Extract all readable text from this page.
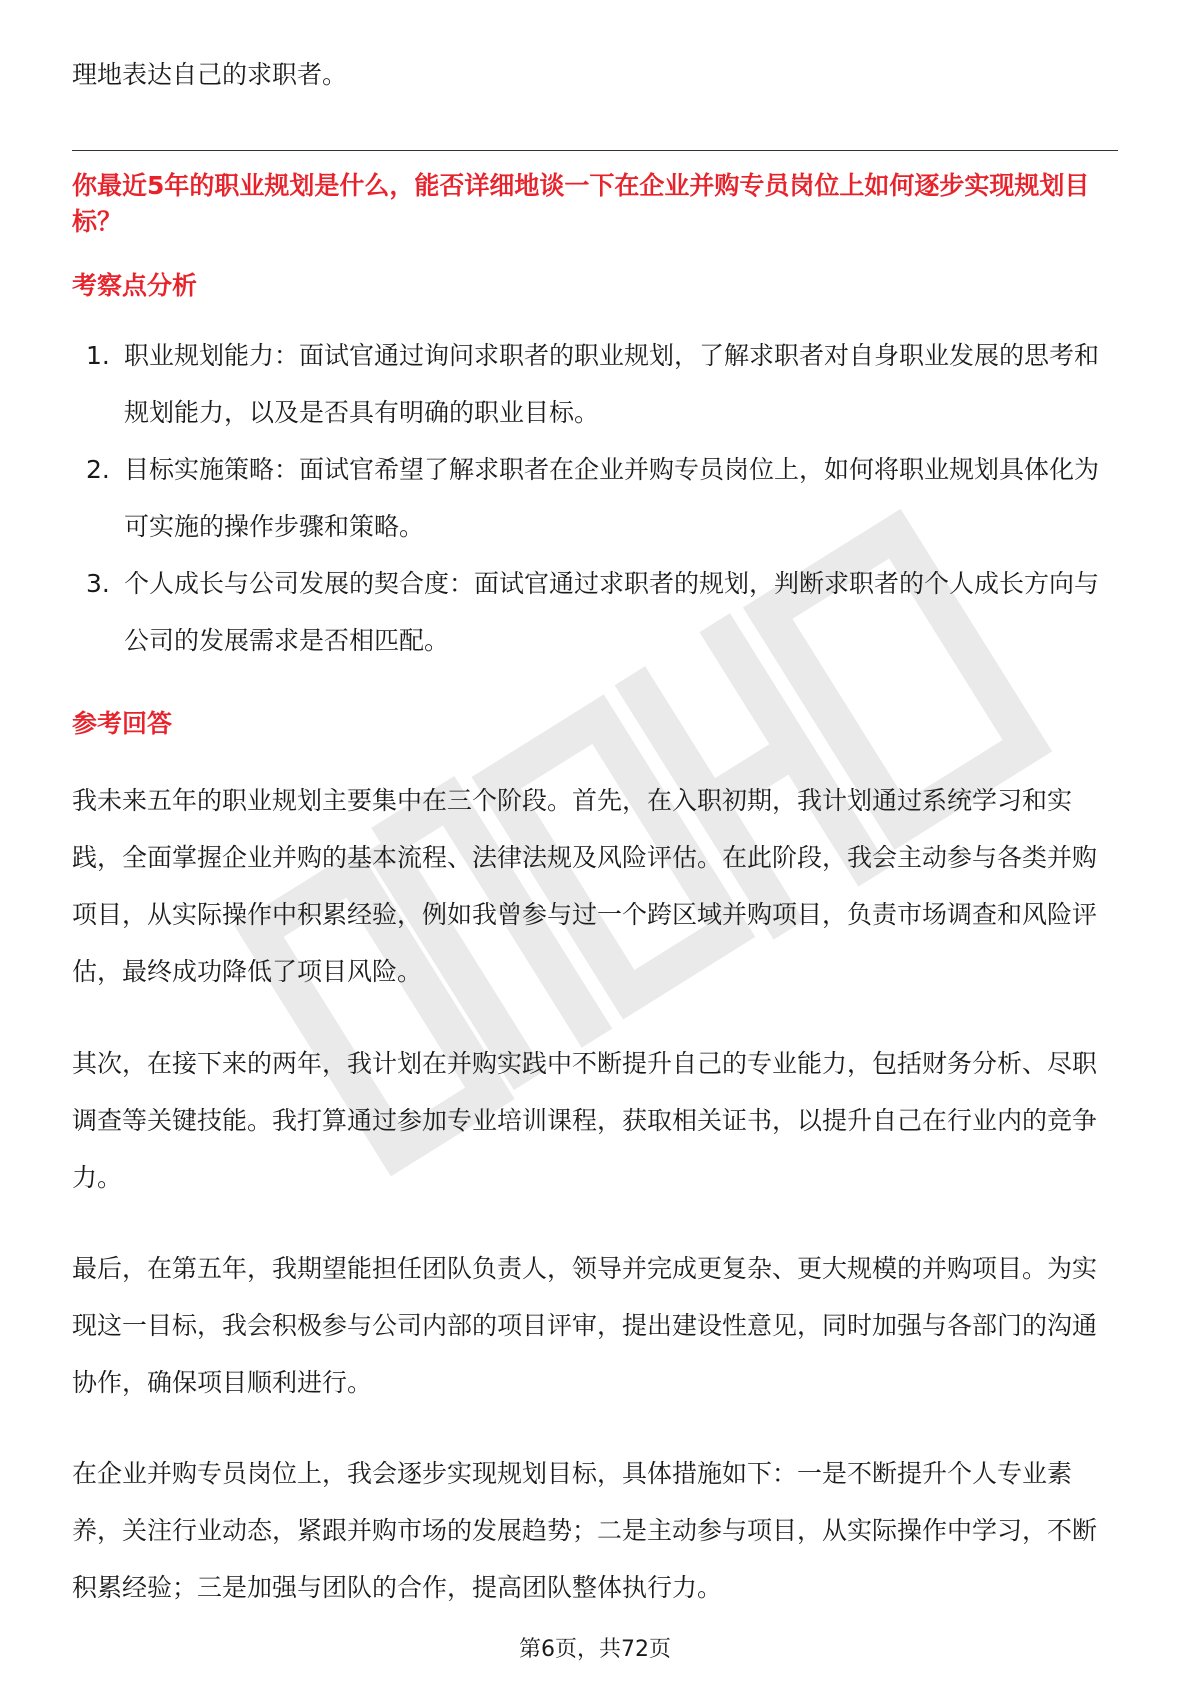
理地表达自己的求职者。

你最近5年的职业规划是什么，能否详细地谈一下在企业并购专员岗位上如何逐步实现规划目标？

考察点分析

1. 职业规划能力：面试官通过询问求职者的职业规划，了解求职者对自身职业发展的思考和规划能力，以及是否具有明确的职业目标。
2. 目标实施策略：面试官希望了解求职者在企业并购专员岗位上，如何将职业规划具体化为可实施的操作步骤和策略。
3. 个人成长与公司发展的契合度：面试官通过求职者的规划，判断求职者的个人成长方向与公司的发展需求是否相匹配。

参考回答

我未来五年的职业规划主要集中在三个阶段。首先，在入职初期，我计划通过系统学习和实践，全面掌握企业并购的基本流程、法律法规及风险评估。在此阶段，我会主动参与各类并购项目，从实际操作中积累经验，例如我曾参与过一个跨区域并购项目，负责市场调查和风险评估，最终成功降低了项目风险。

其次，在接下来的两年，我计划在并购实践中不断提升自己的专业能力，包括财务分析、尽职调查等关键技能。我打算通过参加专业培训课程，获取相关证书，以提升自己在行业内的竞争力。

最后，在第五年，我期望能担任团队负责人，领导并完成更复杂、更大规模的并购项目。为实现这一目标，我会积极参与公司内部的项目评审，提出建设性意见，同时加强与各部门的沟通协作，确保项目顺利进行。

在企业并购专员岗位上，我会逐步实现规划目标，具体措施如下：一是不断提升个人专业素养，关注行业动态，紧跟并购市场的发展趋势；二是主动参与项目，从实际操作中学习，不断积累经验；三是加强与团队的合作，提高团队整体执行力。

第6页，共72页
